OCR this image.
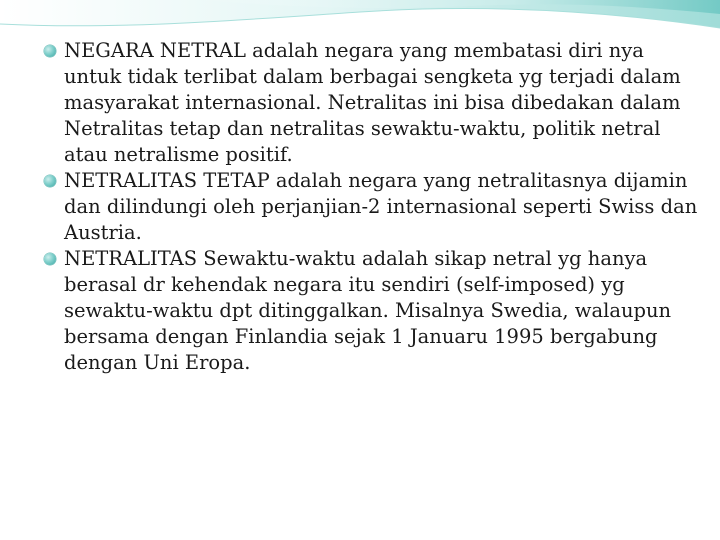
NEGARA NETRAL adalah negara yang membatasi diri nya untuk tidak terlibat dalam berbagai sengketa yg terjadi dalam masyarakat internasional. Netralitas ini bisa dibedakan dalam Netralitas tetap dan netralitas sewaktu-waktu, politik netral atau netralisme positif.
NETRALITAS TETAP adalah negara yang netralitasnya dijamin dan dilindungi oleh perjanjian-2 internasional seperti Swiss dan Austria.
NETRALITAS Sewaktu-waktu adalah sikap netral yg hanya berasal dr kehendak negara itu sendiri (self-imposed) yg sewaktu-waktu dpt ditinggalkan. Misalnya Swedia, walaupun bersama dengan Finlandia sejak 1 Januaru 1995 bergabung dengan Uni Eropa.
